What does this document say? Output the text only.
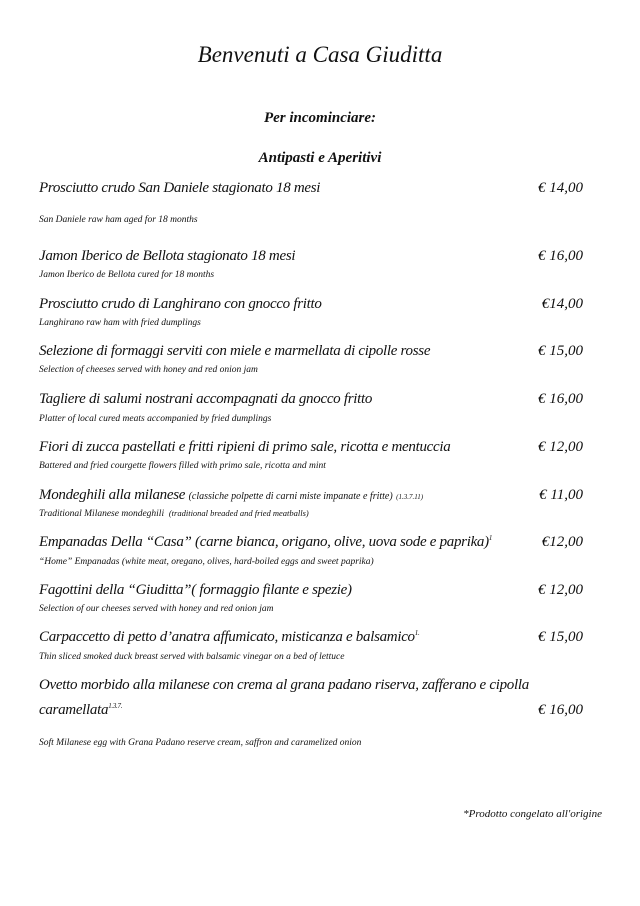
Benvenuti a Casa Giuditta
Per incominciare:
Antipasti e Aperitivi
Prosciutto crudo San Daniele stagionato 18 mesi
San Daniele raw ham aged for 18 months
€ 14,00
Jamon Iberico de Bellota stagionato 18 mesi
Jamon Iberico de Bellota cured for 18 months
€ 16,00
Prosciutto crudo di Langhirano con gnocco fritto
Langhirano raw ham with fried dumplings
€14,00
Selezione di formaggi serviti con miele e marmellata di cipolle rosse
Selection of cheeses served with honey and red onion jam
€ 15,00
Tagliere di salumi nostrani accompagnati da gnocco fritto
Platter of local cured meats accompanied by fried dumplings
€ 16,00
Fiori di zucca pastellati e fritti ripieni di primo sale, ricotta e mentuccia
Battered and fried courgette flowers filled with primo sale, ricotta and mint
€ 12,00
Mondeghili alla milanese (classiche polpette di carni miste impanate e fritte) (1.3.7.11)
Traditional Milanese mondeghili (traditional breaded and fried meatballs)
€ 11,00
Empanadas Della “Casa” (carne bianca, origano, olive, uova sode e paprika)$^1$
“Home” Empanadas (white meat, oregano, olives, hard-boiled eggs and sweet paprika)
€12,00
Fagottini della “Giuditta”( formaggio filante e spezie)
Selection of our cheeses served with honey and red onion jam
€ 12,00
Carpaccetto di petto d’anatra affumicato, misticanza e balsamico$^{1.}$
Thin sliced smoked duck breast served with balsamic vinegar on a bed of lettuce
€ 15,00
Ovetto morbido alla milanese con crema al grana padano riserva, zafferano e cipolla
caramellata$^{1.3.7.}$
Soft Milanese egg with Grana Padano reserve cream, saffron and caramelized onion
€ 16,00
*Prodotto congelato all'origine
